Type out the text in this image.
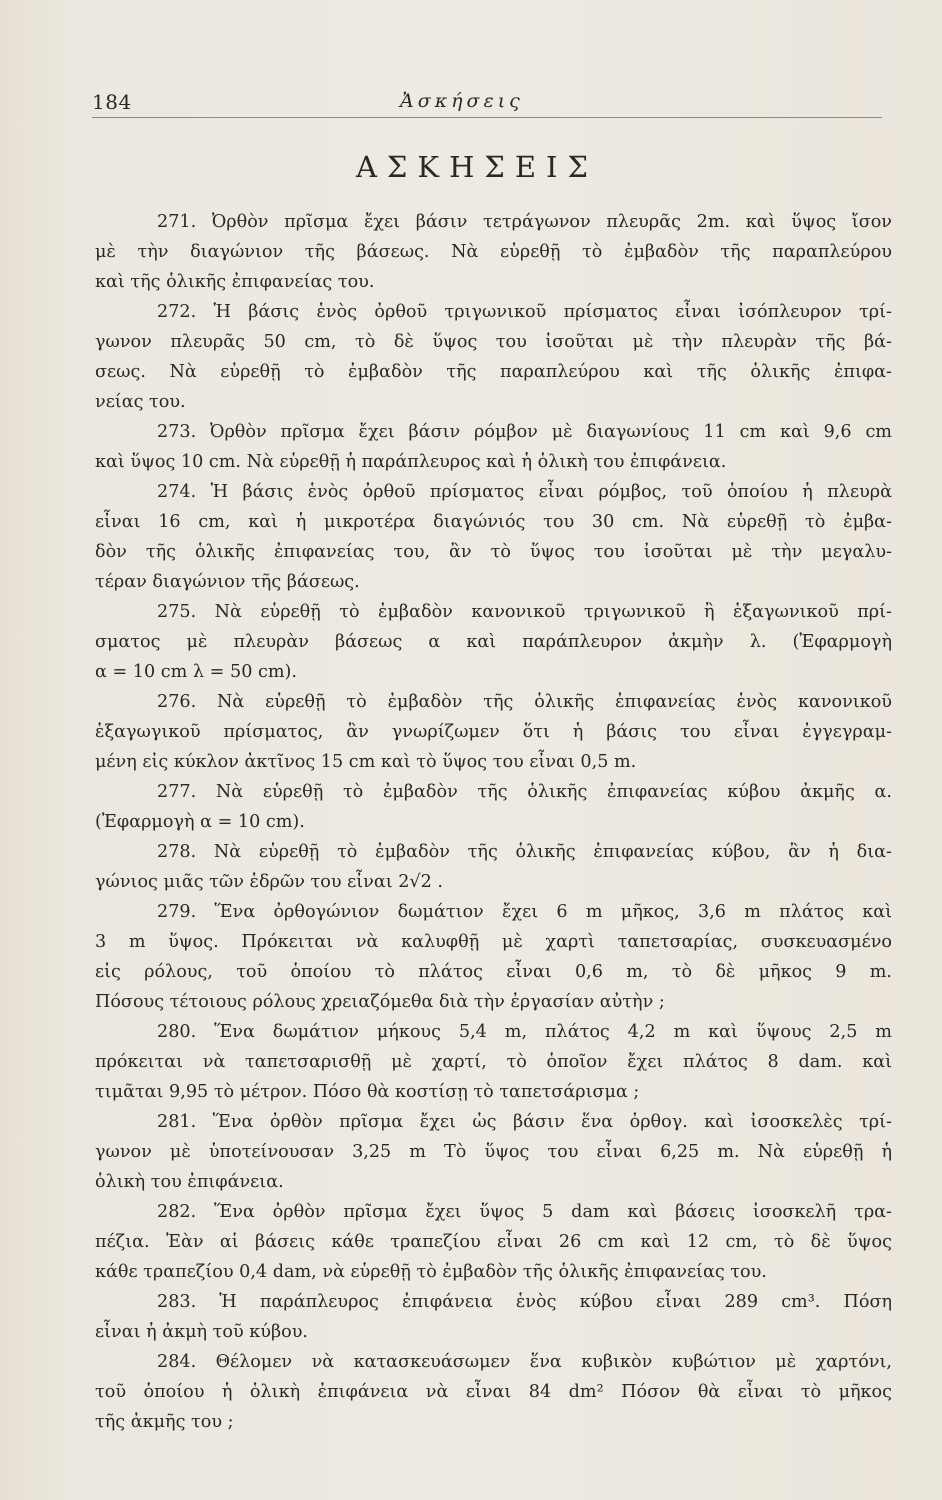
184	Ἀσκήσεις
ΑΣΚΗΣΕΙΣ
271. Ὀρθὸν πρῖσμα ἔχει βάσιν τετράγωνον πλευρᾶς 2m. καὶ ὕψος ἴσον
μὲ τὴν διαγώνιον τῆς βάσεως. Νὰ εὑρεθῇ τὸ ἐμβαδὸν τῆς παραπλεύρου
καὶ τῆς ὁλικῆς ἐπιφανείας του.
272. Ἡ βάσις ἑνὸς ὀρθοῦ τριγωνικοῦ πρίσματος εἶναι ἰσόπλευρον τρί-
γωνον πλευρᾶς 50 cm, τὸ δὲ ὕψος του ἰσοῦται μὲ τὴν πλευρὰν τῆς βά-
σεως. Νὰ εὑρεθῇ τὸ ἐμβαδὸν τῆς παραπλεύρου καὶ τῆς ὁλικῆς ἐπιφα-
νείας του.
273. Ὀρθὸν πρῖσμα ἔχει βάσιν ρόμβον μὲ διαγωνίους 11 cm καὶ 9,6 cm
καὶ ὕψος 10 cm. Νὰ εὑρεθῇ ἡ παράπλευρος καὶ ἡ ὁλικὴ του ἐπιφάνεια.
274. Ἡ βάσις ἑνὸς ὀρθοῦ πρίσματος εἶναι ρόμβος, τοῦ ὁποίου ἡ πλευρὰ
εἶναι 16 cm, καὶ ἡ μικροτέρα διαγώνιός του 30 cm. Νὰ εὑρεθῇ τὸ ἐμβα-
δὸν τῆς ὁλικῆς ἐπιφανείας του, ἂν τὸ ὕψος του ἰσοῦται μὲ τὴν μεγαλυ-
τέραν διαγώνιον τῆς βάσεως.
275. Νὰ εὑρεθῇ τὸ ἐμβαδὸν κανονικοῦ τριγωνικοῦ ἢ ἑξαγωνικοῦ πρί-
σματος μὲ πλευρὰν βάσεως α καὶ παράπλευρον ἀκμὴν λ. (Ἐφαρμογὴ
α = 10 cm λ = 50 cm).
276. Νὰ εὑρεθῇ τὸ ἐμβαδὸν τῆς ὁλικῆς ἐπιφανείας ἑνὸς κανονικοῦ
ἑξαγωγικοῦ πρίσματος, ἂν γνωρίζωμεν ὅτι ἡ βάσις του εἶναι ἐγγεγραμ-
μένη εἰς κύκλον ἀκτῖνος 15 cm καὶ τὸ ὕψος του εἶναι 0,5 m.
277. Νὰ εὑρεθῇ τὸ ἐμβαδὸν τῆς ὁλικῆς ἐπιφανείας κύβου ἀκμῆς α.
(Ἐφαρμογὴ α = 10 cm).
278. Νὰ εὑρεθῇ τὸ ἐμβαδὸν τῆς ὁλικῆς ἐπιφανείας κύβου, ἂν ἡ δια-
γώνιος μιᾶς τῶν ἑδρῶν του εἶναι 2√2 .
279. Ἕνα ὀρθογώνιον δωμάτιον ἔχει 6 m μῆκος, 3,6 m πλάτος καὶ
3 m ὕψος. Πρόκειται νὰ καλυφθῇ μὲ χαρτὶ ταπετσαρίας, συσκευασμένο
εἰς ρόλους, τοῦ ὁποίου τὸ πλάτος εἶναι 0,6 m, τὸ δὲ μῆκος 9 m.
Πόσους τέτοιους ρόλους χρειαζόμεθα διὰ τὴν ἐργασίαν αὐτὴν ;
280. Ἕνα δωμάτιον μήκους 5,4 m, πλάτος 4,2 m καὶ ὕψους 2,5 m
πρόκειται νὰ ταπετσαρισθῇ μὲ χαρτί, τὸ ὁποῖον ἔχει πλάτος 8 dam. καὶ
τιμᾶται 9,95 τὸ μέτρον. Πόσο θὰ κοστίσῃ τὸ ταπετσάρισμα ;
281. Ἕνα ὀρθὸν πρῖσμα ἔχει ὡς βάσιν ἕνα ὀρθογ. καὶ ἰσοσκελὲς τρί-
γωνον μὲ ὑποτείνουσαν 3,25 m Τὸ ὕψος του εἶναι 6,25 m. Νὰ εὑρεθῇ ἡ
ὁλικὴ του ἐπιφάνεια.
282. Ἕνα ὀρθὸν πρῖσμα ἔχει ὕψος 5 dam καὶ βάσεις ἰσοσκελῆ τρα-
πέζια. Ἐὰν αἱ βάσεις κάθε τραπεζίου εἶναι 26 cm καὶ 12 cm, τὸ δὲ ὕψος
κάθε τραπεζίου 0,4 dam, νὰ εὑρεθῇ τὸ ἐμβαδὸν τῆς ὁλικῆς ἐπιφανείας του.
283. Ἡ παράπλευρος ἐπιφάνεια ἑνὸς κύβου εἶναι 289 cm³. Πόση
εἶναι ἡ ἀκμὴ τοῦ κύβου.
284. Θέλομεν νὰ κατασκευάσωμεν ἕνα κυβικὸν κυβώτιον μὲ χαρτόνι,
τοῦ ὁποίου ἡ ὁλικὴ ἐπιφάνεια νὰ εἶναι 84 dm² Πόσον θὰ εἶναι τὸ μῆκος
τῆς ἀκμῆς του ;
